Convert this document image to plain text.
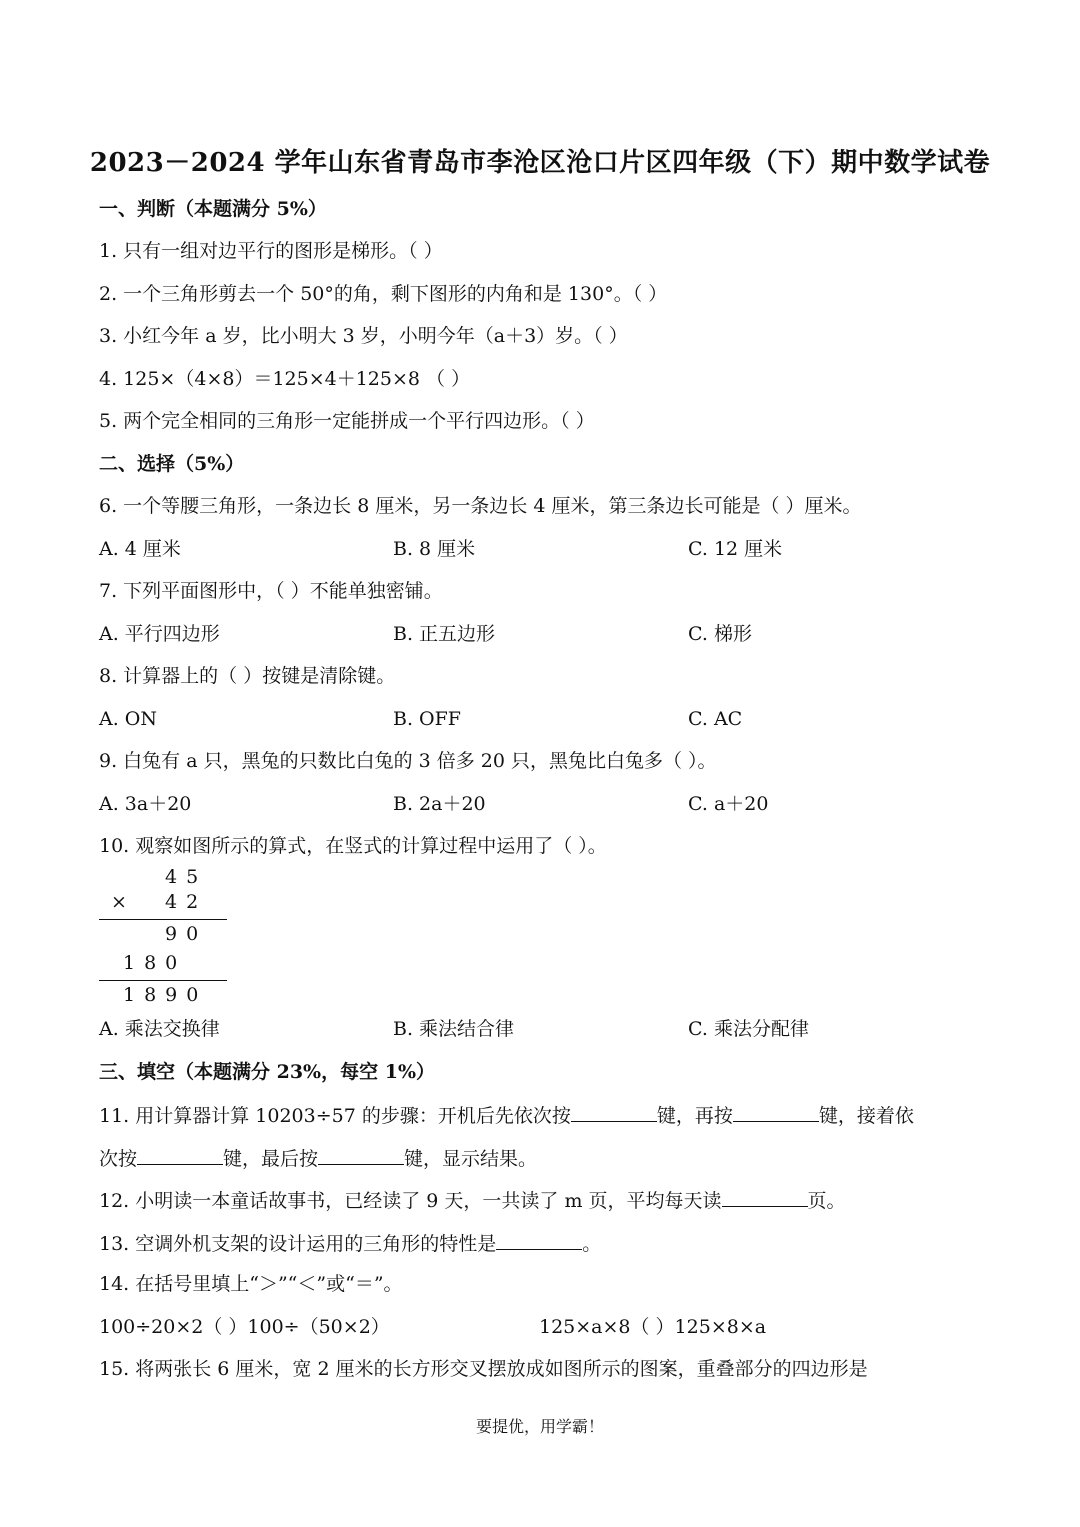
2023－2024 学年山东省青岛市李沧区沧口片区四年级（下）期中数学试卷
一、判断（本题满分 5%）
1. 只有一组对边平行的图形是梯形。（ ）
2. 一个三角形剪去一个 50°的角，剩下图形的内角和是 130°。（ ）
3. 小红今年 a 岁，比小明大 3 岁，小明今年（a＋3）岁。（ ）
4. 125×（4×8）＝125×4＋125×8 （ ）
5. 两个完全相同的三角形一定能拼成一个平行四边形。（ ）
二、选择（5%）
6. 一个等腰三角形，一条边长 8 厘米，另一条边长 4 厘米，第三条边长可能是（ ）厘米。
A. 4 厘米	B. 8 厘米	C. 12 厘米
7. 下列平面图形中，（ ）不能单独密铺。
A. 平行四边形	B. 正五边形	C. 梯形
8. 计算器上的（ ）按键是清除键。
A. ON	B. OFF	C. AC
9. 白兔有 a 只，黑兔的只数比白兔的 3 倍多 20 只，黑兔比白兔多（ ）。
A. 3a＋20	B. 2a＋20	C. a＋20
10. 观察如图所示的算式，在竖式的计算过程中运用了（ ）。
45
× 42
90
180
1890
A. 乘法交换律	B. 乘法结合律	C. 乘法分配律
三、填空（本题满分 23%，每空 1%）
11. 用计算器计算 10203÷57 的步骤：开机后先依次按	键，再按	键，接着依
次按	键，最后按	键，显示结果。
12. 小明读一本童话故事书，已经读了 9 天，一共读了 m 页，平均每天读	页。
13. 空调外机支架的设计运用的三角形的特性是	。
14. 在括号里填上“＞”“＜”或“＝”。
100÷20×2（ ）100÷（50×2）	125×a×8（ ）125×8×a
15. 将两张长 6 厘米，宽 2 厘米的长方形交叉摆放成如图所示的图案，重叠部分的四边形是
要提优，用学霸！
